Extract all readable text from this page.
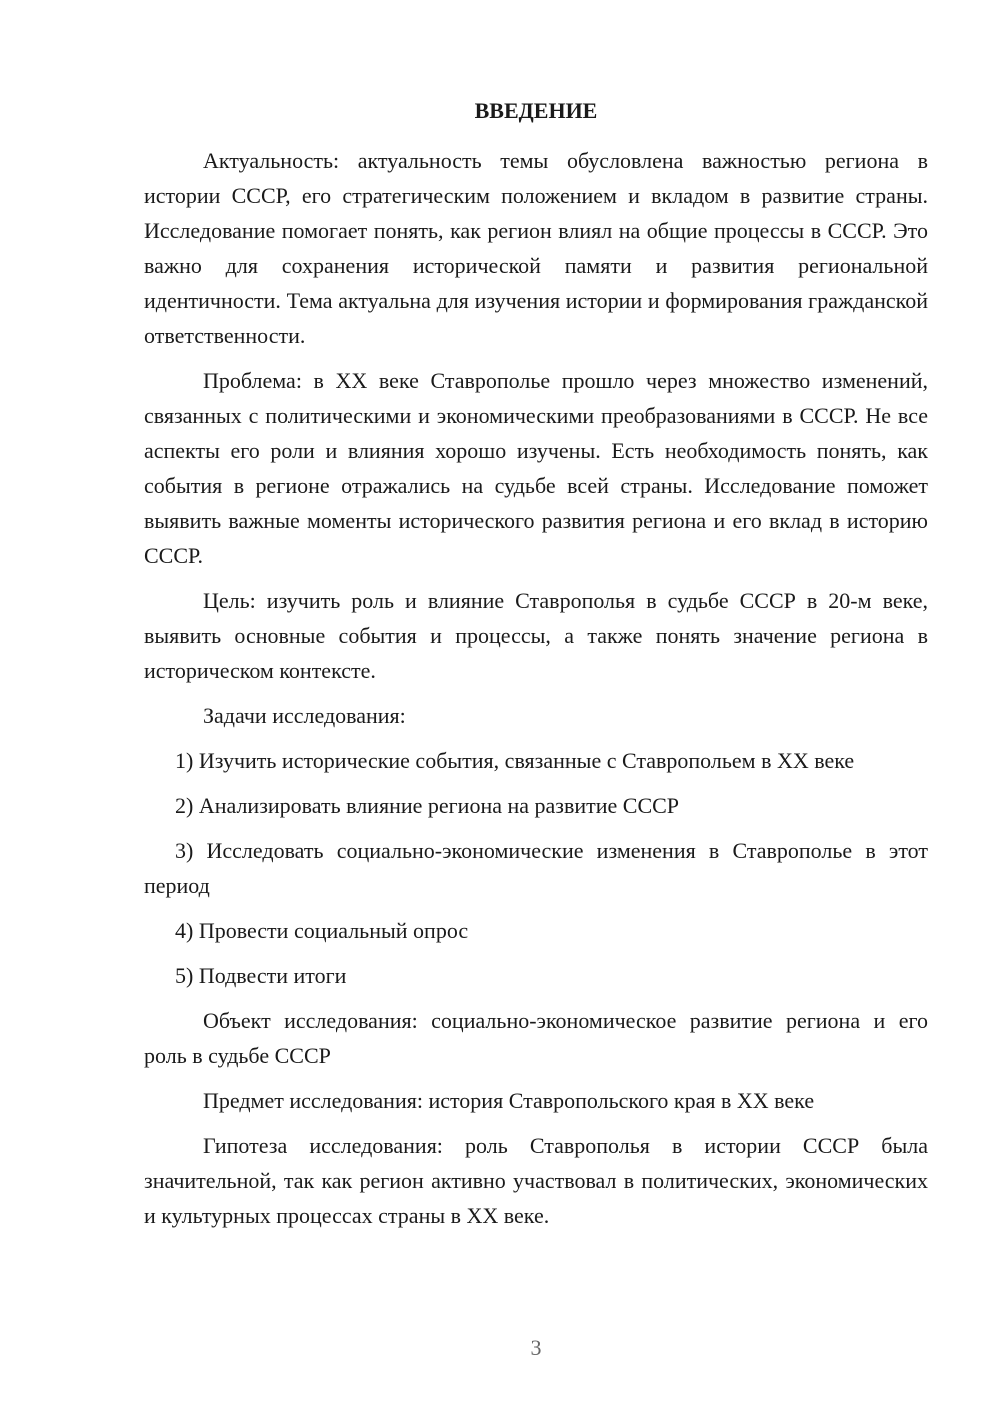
ВВЕДЕНИЕ

Актуальность: актуальность темы обусловлена важностью региона в истории СССР, его стратегическим положением и вкладом в развитие страны. Исследование помогает понять, как регион влиял на общие процессы в СССР. Это важно для сохранения исторической памяти и развития региональной идентичности. Тема актуальна для изучения истории и формирования гражданской ответственности.

Проблема: в XX веке Ставрополье прошло через множество изменений, связанных с политическими и экономическими преобразованиями в СССР. Не все аспекты его роли и влияния хорошо изучены. Есть необходимость понять, как события в регионе отражались на судьбе всей страны. Исследование поможет выявить важные моменты исторического развития региона и его вклад в историю СССР.

Цель: изучить роль и влияние Ставрополья в судьбе СССР в 20-м веке, выявить основные события и процессы, а также понять значение региона в историческом контексте.

Задачи исследования:

1) Изучить исторические события, связанные с Ставропольем в XX веке

2) Анализировать влияние региона на развитие СССР

3) Исследовать социально-экономические изменения в Ставрополье в этот период

4) Провести социальный опрос

5) Подвести итоги

Объект исследования: социально-экономическое развитие региона и его роль в судьбе СССР

Предмет исследования: история Ставропольского края в XX веке

Гипотеза исследования: роль Ставрополья в истории СССР была значительной, так как регион активно участвовал в политических, экономических и культурных процессах страны в XX веке.

3
